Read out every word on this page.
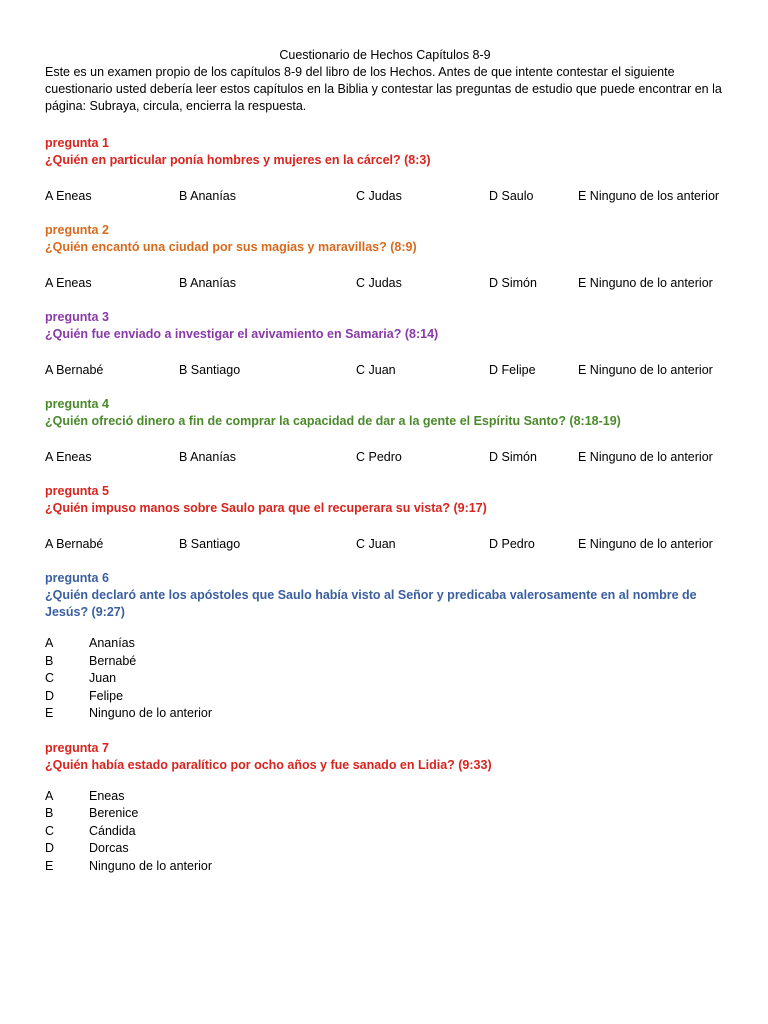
Cuestionario de Hechos Capítulos 8-9
Este es un examen propio de los capítulos 8-9 del libro de los Hechos. Antes de que intente contestar el siguiente cuestionario usted debería leer estos capítulos en la Biblia y contestar las preguntas de estudio que puede encontrar en la página: Subraya, circula, encierra la respuesta.
pregunta 1
¿Quién en particular ponía hombres y mujeres en la cárcel? (8:3)
A Eneas	B Ananías	C Judas	D Saulo	E Ninguno de los anterior
pregunta 2
¿Quién encantó una ciudad por sus magias y maravillas? (8:9)
A Eneas	B Ananías	C Judas	D Simón	E Ninguno de lo anterior
pregunta 3
¿Quién fue enviado a investigar el avivamiento en Samaria? (8:14)
A Bernabé	B Santiago	C Juan	D Felipe	E Ninguno de lo anterior
pregunta 4
¿Quién ofreció dinero a fin de comprar la capacidad de dar a la gente el Espíritu Santo? (8:18-19)
A Eneas	B Ananías	C Pedro	D Simón	E Ninguno de lo anterior
pregunta 5
¿Quién impuso manos sobre Saulo para que el recuperara su vista? (9:17)
A Bernabé	B Santiago	C Juan	D Pedro	E Ninguno de lo anterior
pregunta 6
¿Quién declaró ante los apóstoles que Saulo había visto al Señor y predicaba valerosamente en al nombre de Jesús? (9:27)
A	Ananías
B	Bernabé
C	Juan
D	Felipe
E	Ninguno de lo anterior
pregunta 7
¿Quién había estado paralítico por ocho años y fue sanado en Lidia? (9:33)
A	Eneas
B	Berenice
C	Cándida
D	Dorcas
E	Ninguno de lo anterior
